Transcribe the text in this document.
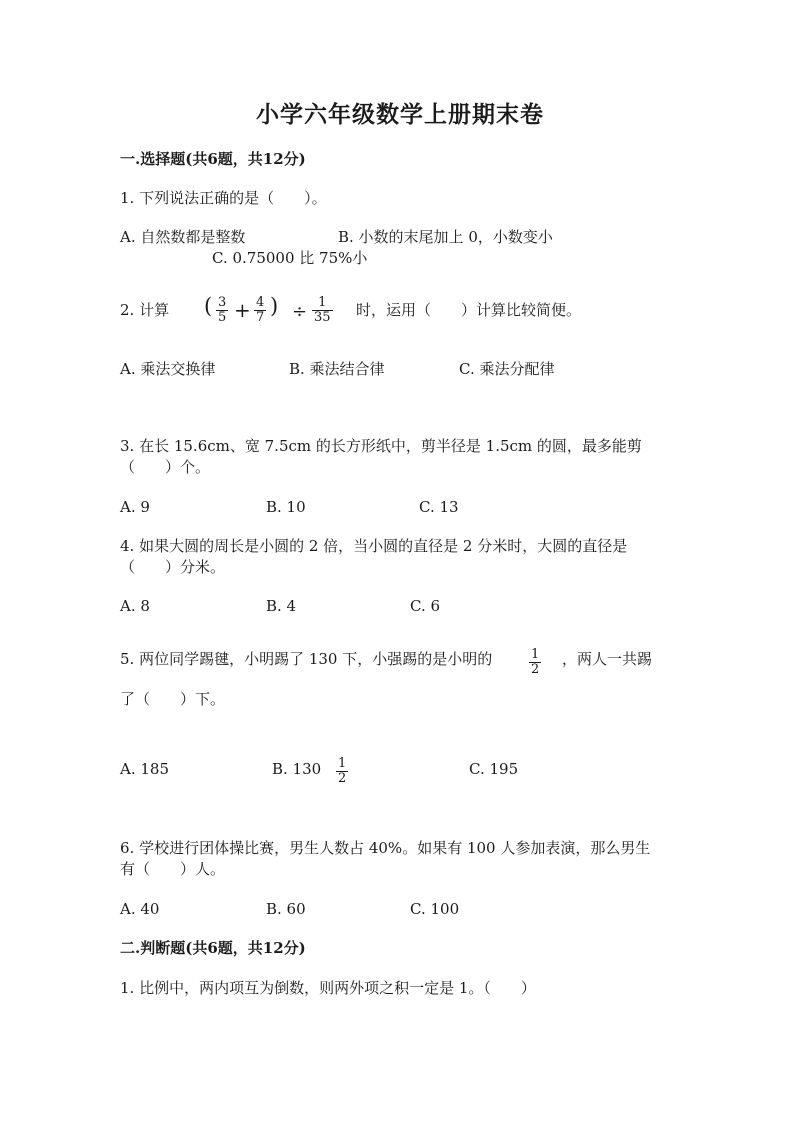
小学六年级数学上册期末卷
一.选择题(共6题，共12分)
1. 下列说法正确的是（　　）。
A. 自然数都是整数	B. 小数的末尾加上 0，小数变小
C. 0.75000 比 75%小
2. 计算 ( 3
5 + 4
7 ) ÷ 1
35 时，运用（　　）计算比较简便。
A. 乘法交换律	B. 乘法结合律	C. 乘法分配律
3. 在长 15.6cm、宽 7.5cm 的长方形纸中，剪半径是 1.5cm 的圆，最多能剪
（　　）个。
A. 9	B. 10	C. 13
4. 如果大圆的周长是小圆的 2 倍，当小圆的直径是 2 分米时，大圆的直径是
（　　）分米。
A. 8	B. 4	C. 6
5. 两位同学踢毽，小明踢了 130 下，小强踢的是小明的	1
2
，两人一共踢
了（　　）下。
A. 185	B. 130 1
2
C. 195
6. 学校进行团体操比赛，男生人数占 40%。如果有 100 人参加表演，那么男生
有（　　）人。
A. 40	B. 60	C. 100
二.判断题(共6题，共12分)
1. 比例中，两内项互为倒数，则两外项之积一定是 1。（　　）
